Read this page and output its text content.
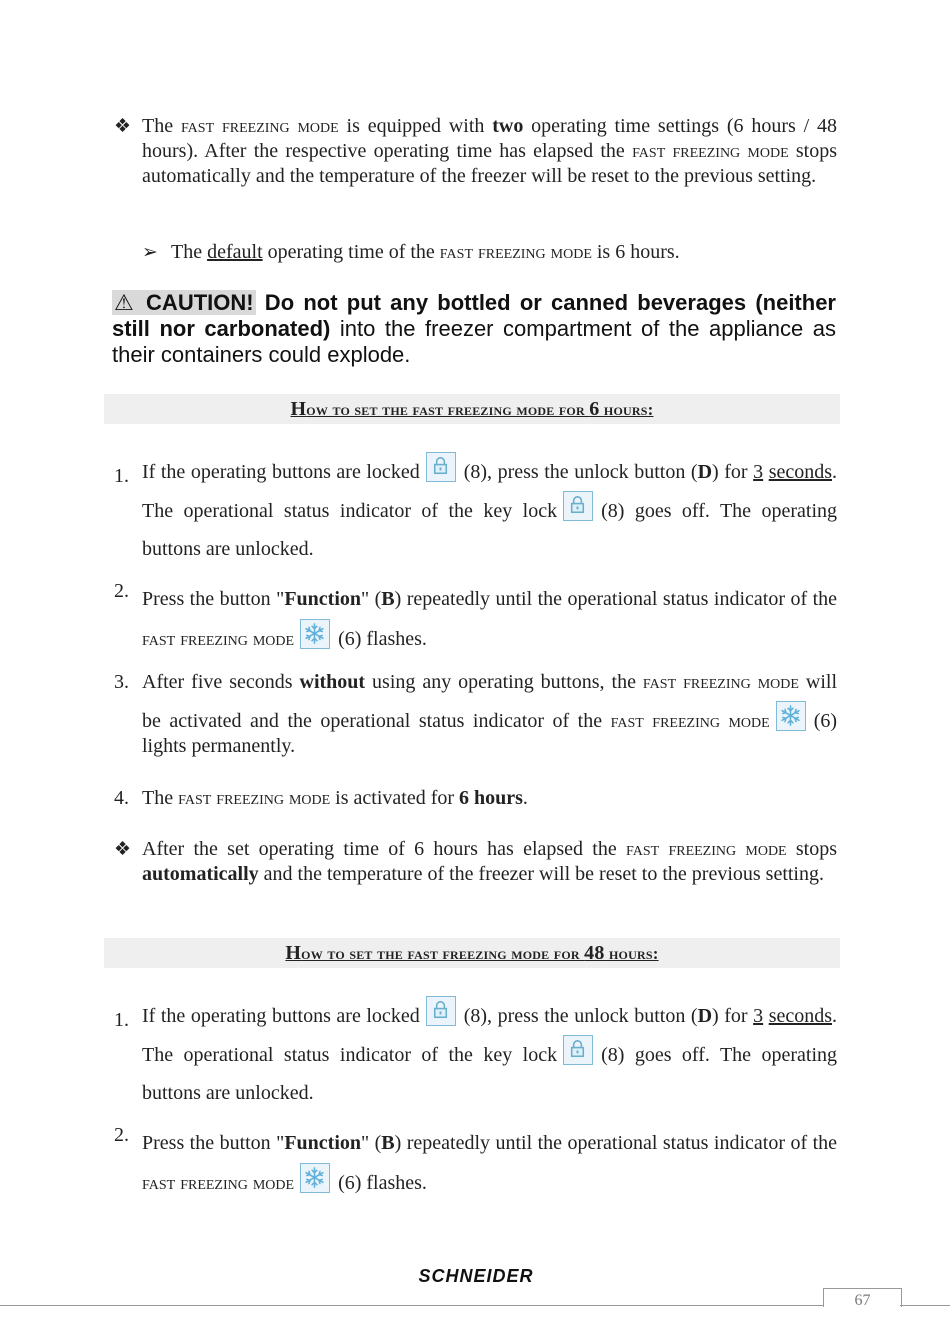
❖ The fast freezing mode is equipped with two operating time settings (6 hours / 48 hours). After the respective operating time has elapsed the fast freezing mode stops automatically and the temperature of the freezer will be reset to the previous setting.
➢ The default operating time of the fast freezing mode is 6 hours.
⚠ CAUTION! Do not put any bottled or canned beverages (neither still nor carbonated) into the freezer compartment of the appliance as their containers could explode.
How to set the fast freezing mode for 6 hours:
1. If the operating buttons are locked (8), press the unlock button (D) for 3 seconds. The operational status indicator of the key lock (8) goes off. The operating buttons are unlocked.
2. Press the button "Function" (B) repeatedly until the operational status indicator of the fast freezing mode (6) flashes.
3. After five seconds without using any operating buttons, the fast freezing mode will be activated and the operational status indicator of the fast freezing mode (6) lights permanently.
4. The fast freezing mode is activated for 6 hours.
❖ After the set operating time of 6 hours has elapsed the fast freezing mode stops automatically and the temperature of the freezer will be reset to the previous setting.
How to set the fast freezing mode for 48 hours:
1. If the operating buttons are locked (8), press the unlock button (D) for 3 seconds. The operational status indicator of the key lock (8) goes off. The operating buttons are unlocked.
2. Press the button "Function" (B) repeatedly until the operational status indicator of the fast freezing mode (6) flashes.
SCHNEIDER
67
